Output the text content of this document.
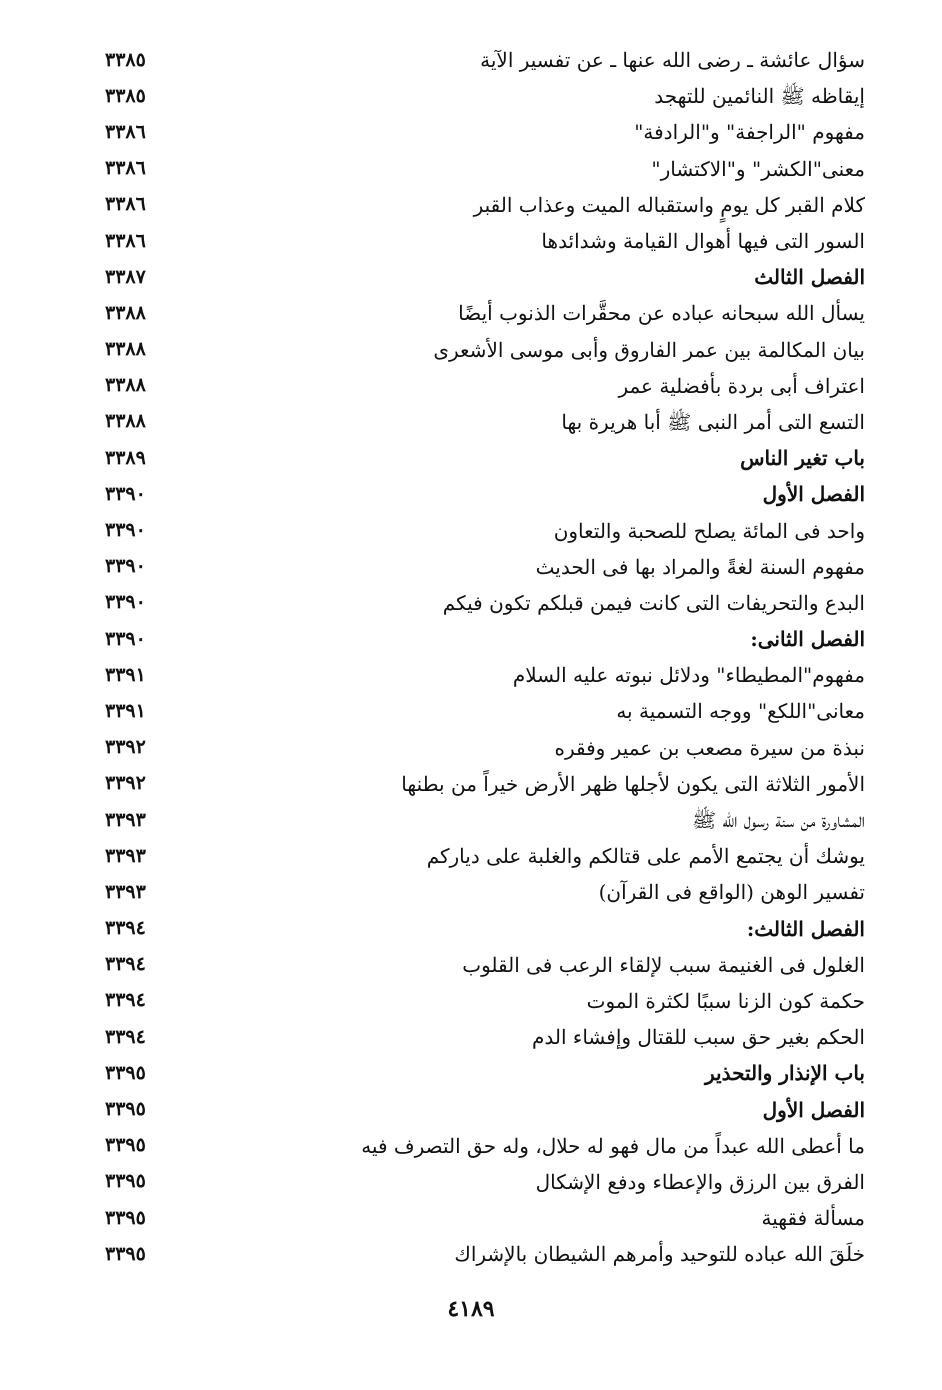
٣٣٨٥	سؤال عائشة ـ رضى الله عنها ـ عن تفسير الآية
٣٣٨٥	إيقاظه ﷺ النائمين للتهجد
٣٣٨٦	مفهوم "الراجفة" و"الرادفة"
٣٣٨٦	معنى"الكشر" و"الاكتشار"
٣٣٨٦	كلام القبر كل يومٍ واستقباله الميت وعذاب القبر
٣٣٨٦	السور التى فيها أهوال القيامة وشدائدها
٣٣٨٧	الفصل الثالث
٣٣٨٨	يسأل الله سبحانه عباده عن محقَّرات الذنوب أيضًا
٣٣٨٨	بيان المكالمة بين عمر الفاروق وأبى موسى الأشعرى
٣٣٨٨	اعتراف أبى بردة بأفضلية عمر
٣٣٨٨	التسع التى أمر النبى ﷺ أبا هريرة بها
٣٣٨٩	باب تغير الناس
٣٣٩٠	الفصل الأول
٣٣٩٠	واحد فى المائة يصلح للصحبة والتعاون
٣٣٩٠	مفهوم السنة لغةً والمراد بها فى الحديث
٣٣٩٠	البدع والتحريفات التى كانت فيمن قبلكم تكون فيكم
٣٣٩٠	الفصل الثانى:
٣٣٩١	مفهوم"المطيطاء" ودلائل نبوته عليه السلام
٣٣٩١	معانى"اللكع" ووجه التسمية به
٣٣٩٢	نبذة من سيرة مصعب بن عمير وفقره
٣٣٩٢	الأمور الثلاثة التى يكون لأجلها ظهر الأرض خيراً من بطنها
٣٣٩٣	المشاورة من سنة رسول الله ﷺ
٣٣٩٣	يوشك أن يجتمع الأمم على قتالكم والغلبة على دياركم
٣٣٩٣	تفسير الوهن (الواقع فى القرآن)
٣٣٩٤	الفصل الثالث:
٣٣٩٤	الغلول فى الغنيمة سبب لإلقاء الرعب فى القلوب
٣٣٩٤	حكمة كون الزنا سببًا لكثرة الموت
٣٣٩٤	الحكم بغير حق سبب للقتال وإفشاء الدم
٣٣٩٥	باب الإنذار والتحذير
٣٣٩٥	الفصل الأول
٣٣٩٥	ما أعطى الله عبداً من مال فهو له حلال، وله حق التصرف فيه
٣٣٩٥	الفرق بين الرزق والإعطاء ودفع الإشكال
٣٣٩٥	مسألة فقهية
٣٣٩٥	خلَقَ الله عباده للتوحيد وأمرهم الشيطان بالإشراك
٤١٨٩
